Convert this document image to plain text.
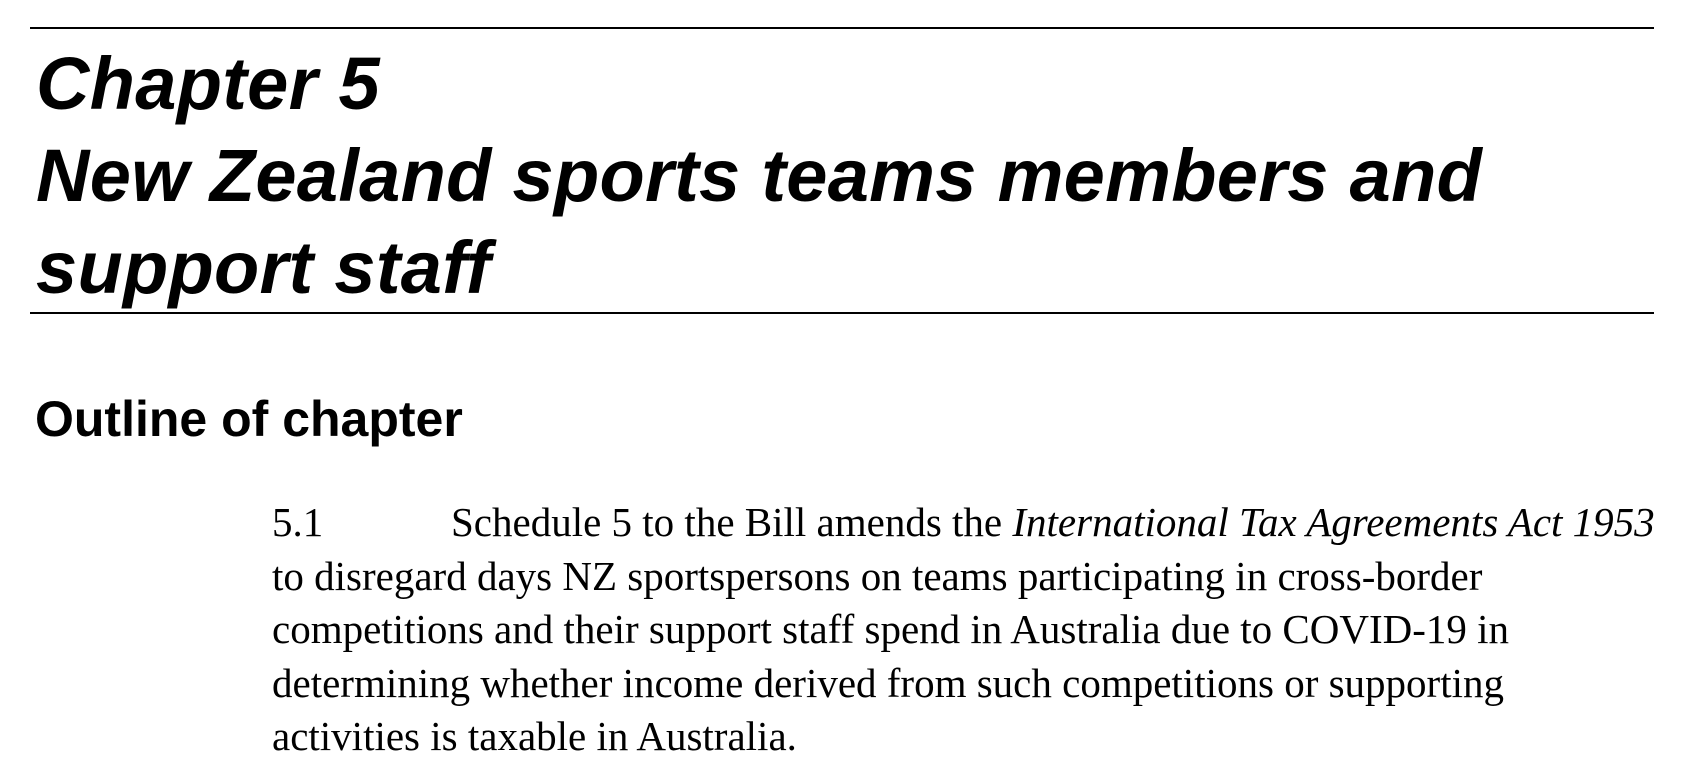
Chapter 5
New Zealand sports teams members and
support staff
Outline of chapter

5.1	Schedule 5 to the Bill amends the International Tax Agreements Act 1953 to disregard days NZ sportspersons on teams participating in cross-border competitions and their support staff spend in Australia due to COVID-19 in determining whether income derived from such competitions or supporting activities is taxable in Australia.
